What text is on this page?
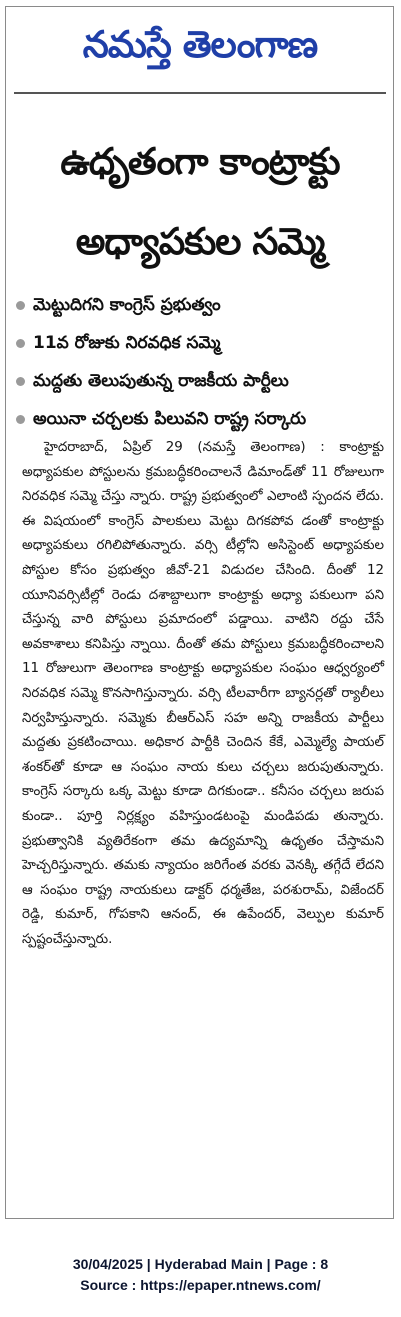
నమస్తే తెలంగాణ
ఉధృతంగా కాంట్రాక్టు
అధ్యాపకుల సమ్మె
మెట్టుదిగని కాంగ్రెస్ ప్రభుత్వం
11వ రోజుకు నిరవధిక సమ్మె
మద్దతు తెలుపుతున్న రాజకీయ పార్టీలు
అయినా చర్చలకు పిలువని రాష్ట్ర సర్కారు
హైదరాబాద్, ఏప్రిల్ 29 (నమస్తే తెలంగాణ) : కాంట్రాక్టు అధ్యాపకుల పోస్టులను క్రమబద్ధీకరించాలనే డిమాండ్‌తో 11 రోజులుగా నిరవధిక సమ్మె చేస్తు న్నారు. రాష్ట్ర ప్రభుత్వంలో ఎలాంటి స్పందన లేదు. ఈ విషయంలో కాంగ్రెస్ పాలకులు మెట్టు దిగకపోవ డంతో కాంట్రాక్టు అధ్యాపకులు రగిలిపోతున్నారు. వర్సి టీల్లోని అసిస్టెంట్ అధ్యాపకుల పోస్టుల కోసం ప్రభుత్వం జీవో-21 విడుదల చేసింది. దీంతో 12 యూనివర్సిటీల్లో రెండు దశాబ్దాలుగా కాంట్రాక్టు అధ్యా పకులుగా పని చేస్తున్న వారి పోస్టులు ప్రమాదంలో పడ్డాయి. వాటిని రద్దు చేసే అవకాశాలు కనిపిస్తు న్నాయి. దీంతో తమ పోస్టులు క్రమబద్ధీకరించాలని 11 రోజులుగా తెలంగాణ కాంట్రాక్టు అధ్యాపకుల సంఘం ఆధ్వర్యంలో నిరవధిక సమ్మె కొనసాగిస్తున్నారు. వర్సి టీలవారీగా బ్యానర్లతో ర్యాలీలు నిర్వహిస్తున్నారు. సమ్మెకు బీఆర్ఎస్ సహ అన్ని రాజకీయ పార్టీలు మద్దతు ప్రకటించాయి. అధికార పార్టీకి చెందిన కేకే, ఎమ్మెల్యే పాయల్ శంకర్‌తో కూడా ఆ సంఘం నాయ కులు చర్చలు జరుపుతున్నారు. కాంగ్రెస్ సర్కారు ఒక్క మెట్టు కూడా దిగకుండా.. కనీసం చర్చలు జరుప కుండా.. పూర్తి నిర్లక్ష్యం వహిస్తుండటంపై మండిపడు తున్నారు. ప్రభుత్వానికి వ్యతిరేకంగా తమ ఉద్యమాన్ని ఉధృతం చేస్తామని హెచ్చరిస్తున్నారు. తమకు న్యాయం జరిగేంత వరకు వెనక్కి తగ్గేదే లేదని ఆ సంఘం రాష్ట్ర నాయకులు డాక్టర్ ధర్మతేజ, పరశురామ్, విజేందర్ రెడ్డి, కుమార్, గోపకాని ఆనంద్, ఈ ఉపేందర్, వెల్పుల కుమార్ స్పష్టంచేస్తున్నారు.
30/04/2025 | Hyderabad Main | Page : 8
Source : https://epaper.ntnews.com/
